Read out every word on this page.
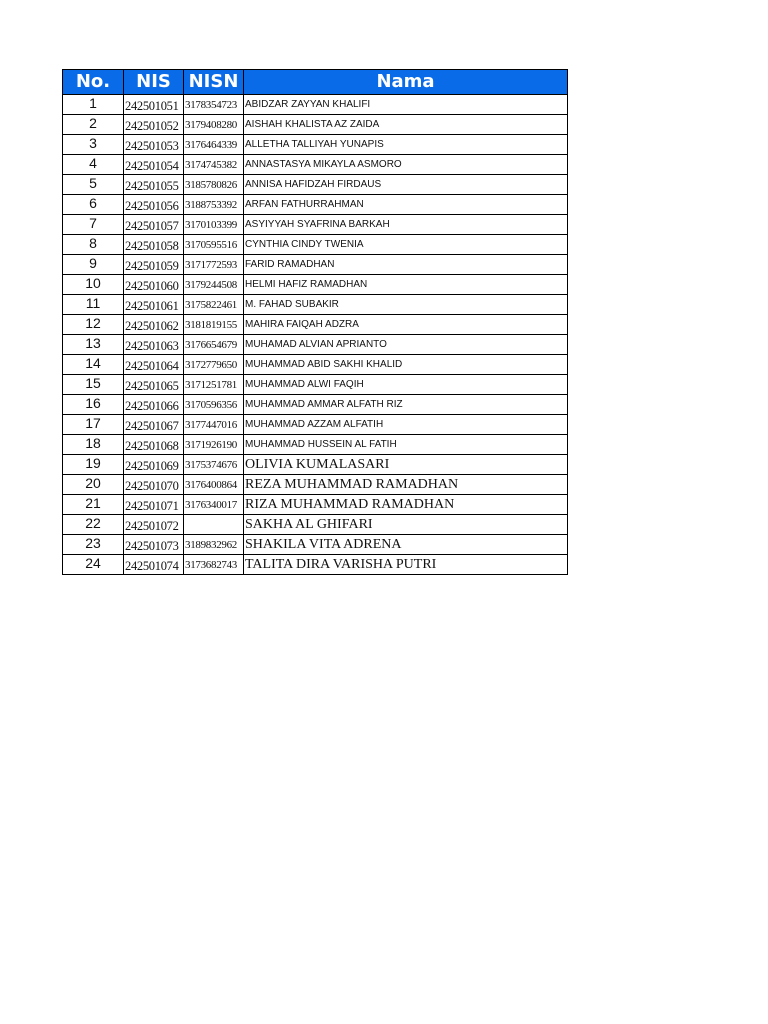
No.	NIS	NISN	Nama
1	242501051	3178354723	ABIDZAR ZAYYAN KHALIFI
2	242501052	3179408280	AISHAH KHALISTA AZ ZAIDA
3	242501053	3176464339	ALLETHA TALLIYAH YUNAPIS
4	242501054	3174745382	ANNASTASYA MIKAYLA ASMORO
5	242501055	3185780826	ANNISA HAFIDZAH FIRDAUS
6	242501056	3188753392	ARFAN FATHURRAHMAN
7	242501057	3170103399	ASYIYYAH SYAFRINA BARKAH
8	242501058	3170595516	CYNTHIA CINDY TWENIA
9	242501059	3171772593	FARID RAMADHAN
10	242501060	3179244508	HELMI HAFIZ RAMADHAN
11	242501061	3175822461	M. FAHAD SUBAKIR
12	242501062	3181819155	MAHIRA FAIQAH ADZRA
13	242501063	3176654679	MUHAMAD ALVIAN APRIANTO
14	242501064	3172779650	MUHAMMAD ABID SAKHI KHALID
15	242501065	3171251781	MUHAMMAD ALWI FAQIH
16	242501066	3170596356	MUHAMMAD AMMAR ALFATH RIZ
17	242501067	3177447016	MUHAMMAD AZZAM ALFATIH
18	242501068	3171926190	MUHAMMAD HUSSEIN AL FATIH
19	242501069	3175374676	OLIVIA KUMALASARI
20	242501070	3176400864	REZA MUHAMMAD RAMADHAN
21	242501071	3176340017	RIZA MUHAMMAD RAMADHAN
22	242501072		SAKHA AL GHIFARI
23	242501073	3189832962	SHAKILA VITA ADRENA
24	242501074	3173682743	TALITA DIRA VARISHA PUTRI
